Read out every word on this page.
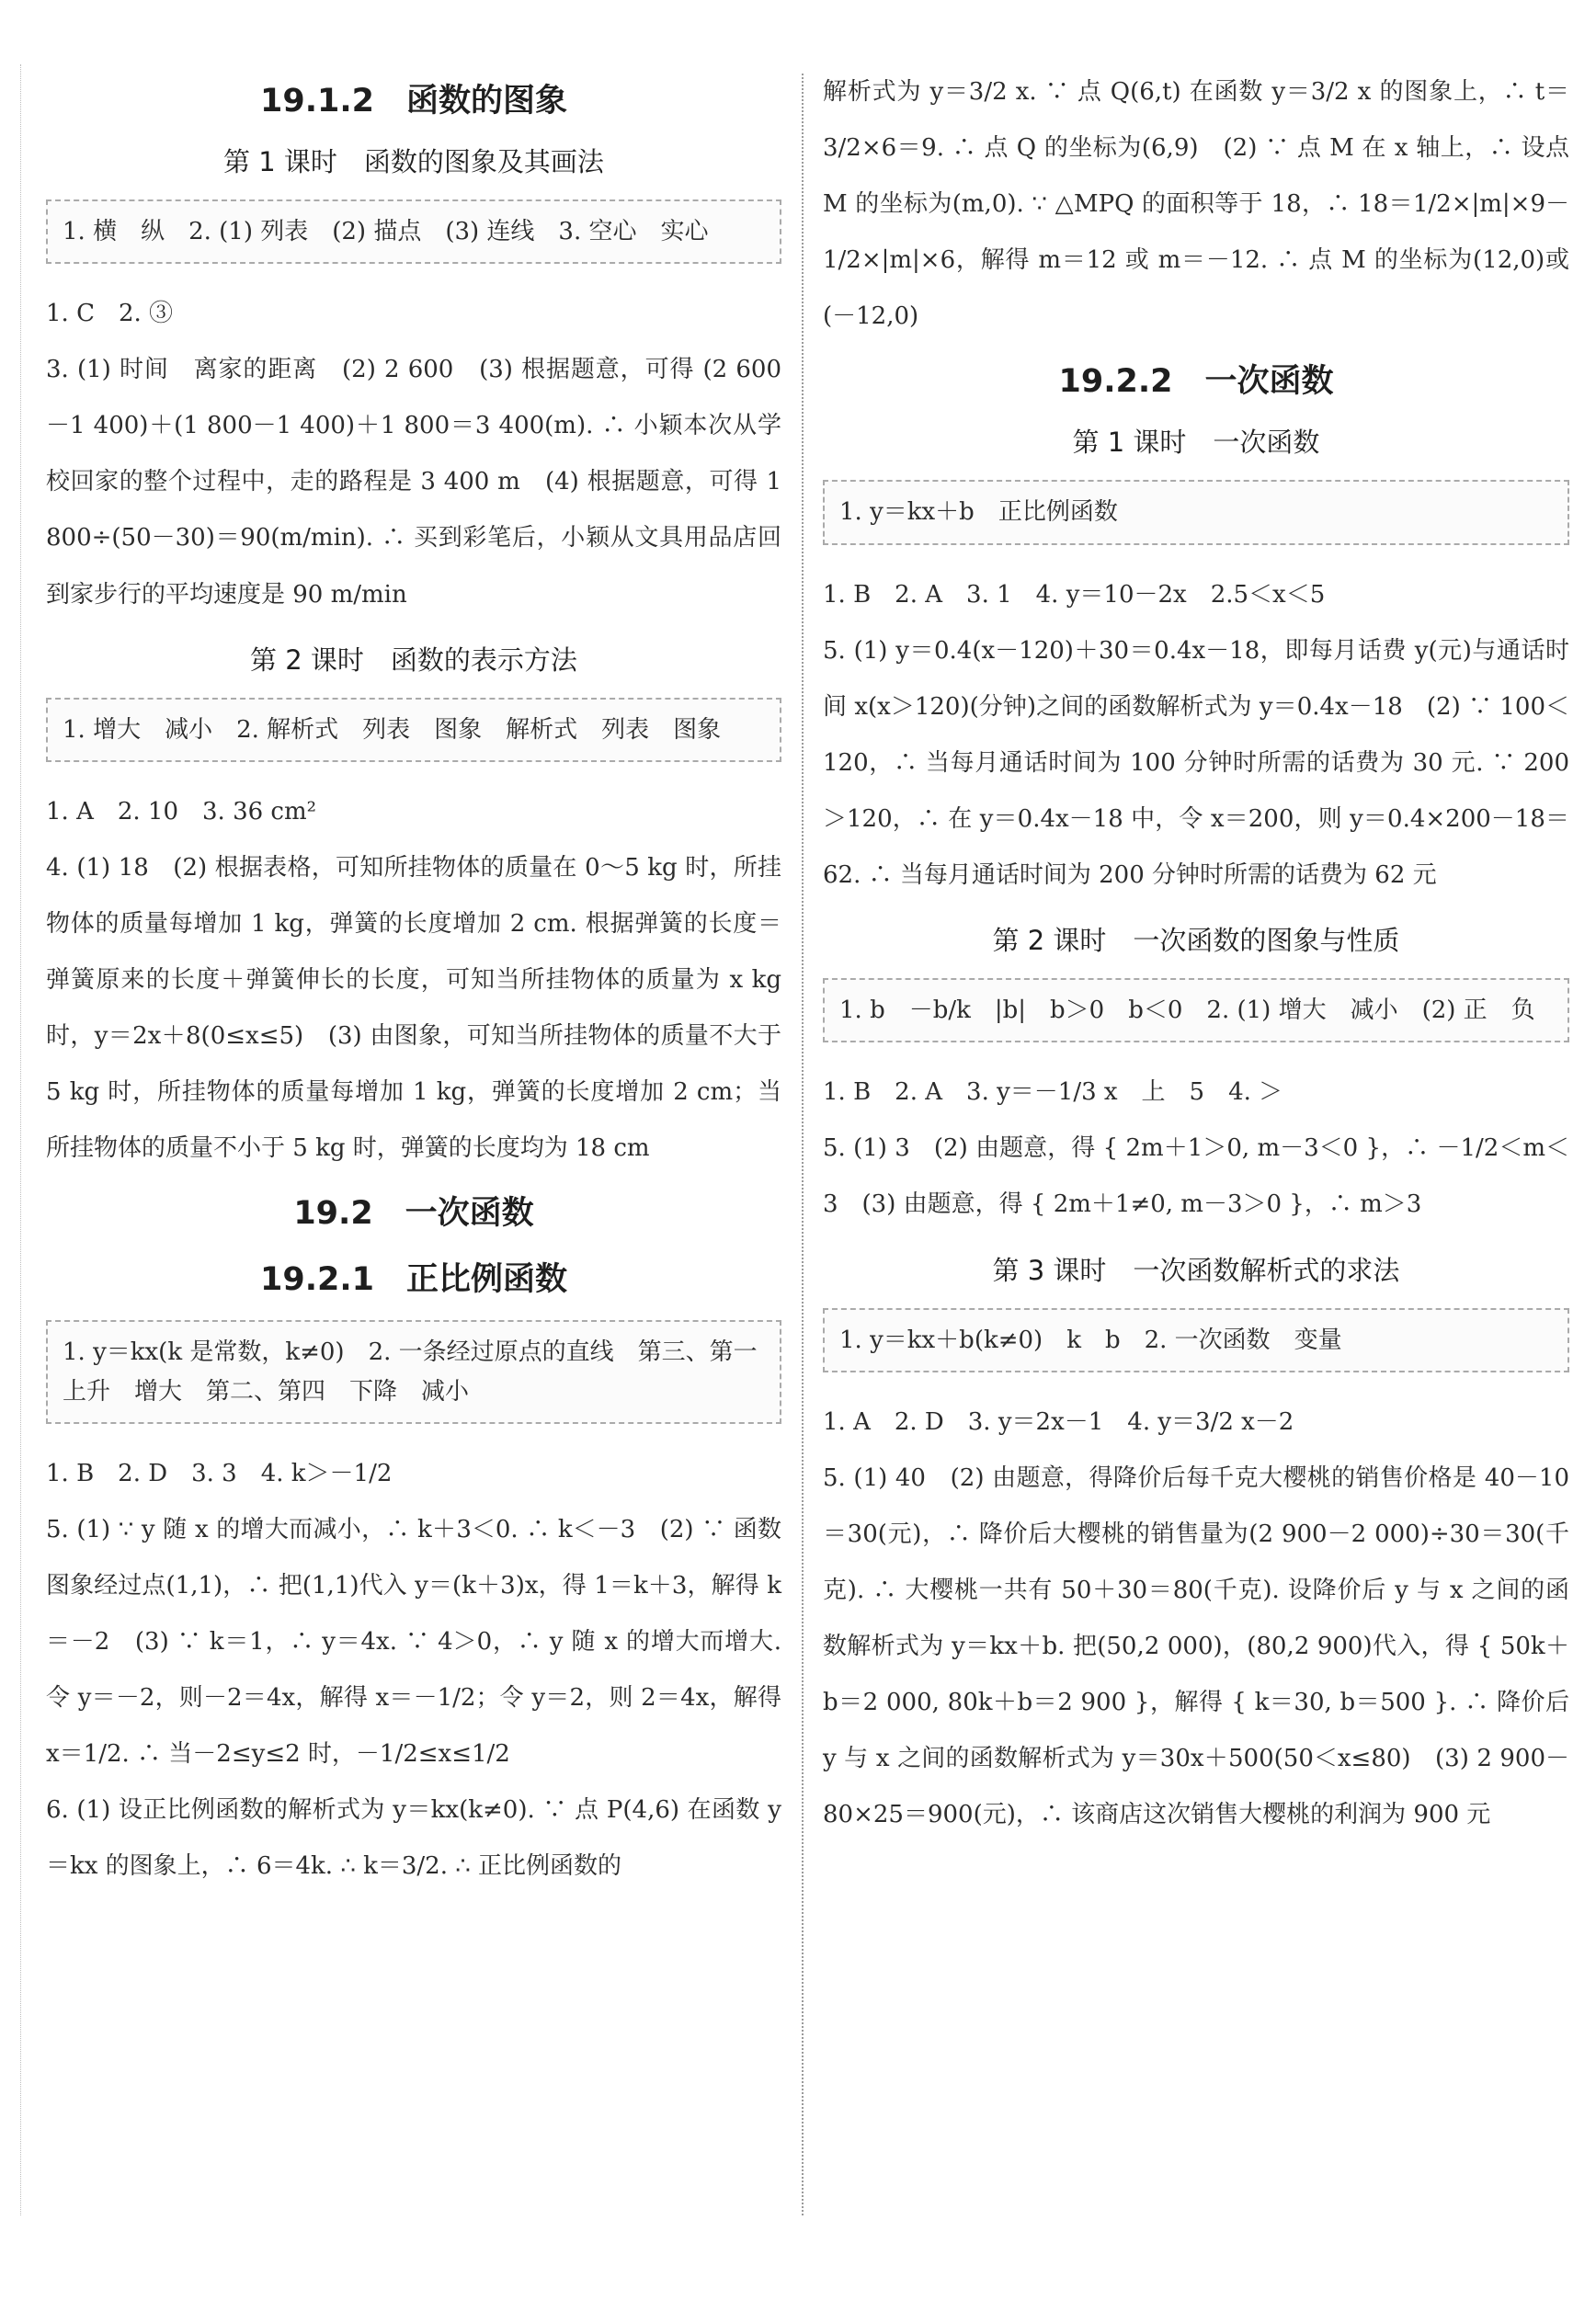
19.1.2　函数的图象
第 1 课时　函数的图象及其画法
1. 横　纵　2. (1) 列表　(2) 描点　(3) 连线　3. 空心　实心

1. C　2. ③

3. (1) 时间　离家的距离　(2) 2 600　(3) 根据题意，可得 (2 600－1 400)＋(1 800－1 400)＋1 800＝3 400(m). ∴ 小颖本次从学校回家的整个过程中，走的路程是 3 400 m　(4) 根据题意，可得 1 800÷(50－30)＝90(m/min). ∴ 买到彩笔后，小颖从文具用品店回到家步行的平均速度是 90 m/min

第 2 课时　函数的表示方法
1. 增大　减小　2. 解析式　列表　图象　解析式　列表　图象

1. A　2. 10　3. 36 cm²

4. (1) 18　(2) 根据表格，可知所挂物体的质量在 0～5 kg 时，所挂物体的质量每增加 1 kg，弹簧的长度增加 2 cm. 根据弹簧的长度＝弹簧原来的长度＋弹簧伸长的长度，可知当所挂物体的质量为 x kg 时，y＝2x＋8(0≤x≤5)　(3) 由图象，可知当所挂物体的质量不大于 5 kg 时，所挂物体的质量每增加 1 kg，弹簧的长度增加 2 cm；当所挂物体的质量不小于 5 kg 时，弹簧的长度均为 18 cm

19.2　一次函数
19.2.1　正比例函数
1. y＝kx(k 是常数，k≠0)　2. 一条经过原点的直线　第三、第一　上升　增大　第二、第四　下降　减小

1. B　2. D　3. 3　4. k＞－1/2

5. (1) ∵ y 随 x 的增大而减小，∴ k＋3＜0. ∴ k＜－3　(2) ∵ 函数图象经过点(1,1)，∴ 把(1,1)代入 y＝(k＋3)x，得 1＝k＋3，解得 k＝－2　(3) ∵ k＝1，∴ y＝4x. ∵ 4＞0，∴ y 随 x 的增大而增大. 令 y＝－2，则－2＝4x，解得 x＝－1/2；令 y＝2，则 2＝4x，解得 x＝1/2. ∴ 当－2≤y≤2 时，－1/2≤x≤1/2

6. (1) 设正比例函数的解析式为 y＝kx(k≠0). ∵ 点 P(4,6) 在函数 y＝kx 的图象上，∴ 6＝4k. ∴ k＝3/2. ∴ 正比例函数的

解析式为 y＝3/2 x. ∵ 点 Q(6,t) 在函数 y＝3/2 x 的图象上，∴ t＝3/2×6＝9. ∴ 点 Q 的坐标为(6,9)　(2) ∵ 点 M 在 x 轴上，∴ 设点 M 的坐标为(m,0). ∵ △MPQ 的面积等于 18，∴ 18＝1/2×|m|×9－1/2×|m|×6，解得 m＝12 或 m＝－12. ∴ 点 M 的坐标为(12,0)或(－12,0)

19.2.2　一次函数
第 1 课时　一次函数
1. y＝kx＋b　正比例函数

1. B　2. A　3. 1　4. y＝10－2x　2.5＜x＜5

5. (1) y＝0.4(x－120)＋30＝0.4x－18，即每月话费 y(元)与通话时间 x(x＞120)(分钟)之间的函数解析式为 y＝0.4x－18　(2) ∵ 100＜120，∴ 当每月通话时间为 100 分钟时所需的话费为 30 元. ∵ 200＞120，∴ 在 y＝0.4x－18 中，令 x＝200，则 y＝0.4×200－18＝62. ∴ 当每月通话时间为 200 分钟时所需的话费为 62 元

第 2 课时　一次函数的图象与性质
1. b　－b/k　|b|　b＞0　b＜0　2. (1) 增大　减小　(2) 正　负

1. B　2. A　3. y＝－1/3 x　上　5　4. ＞

5. (1) 3　(2) 由题意，得 { 2m＋1＞0, m－3＜0 }，∴ －1/2＜m＜3　(3) 由题意，得 { 2m＋1≠0, m－3＞0 }，∴ m＞3

第 3 课时　一次函数解析式的求法
1. y＝kx＋b(k≠0)　k　b　2. 一次函数　变量

1. A　2. D　3. y＝2x－1　4. y＝3/2 x－2

5. (1) 40　(2) 由题意，得降价后每千克大樱桃的销售价格是 40－10＝30(元)，∴ 降价后大樱桃的销售量为(2 900－2 000)÷30＝30(千克). ∴ 大樱桃一共有 50＋30＝80(千克). 设降价后 y 与 x 之间的函数解析式为 y＝kx＋b. 把(50,2 000)，(80,2 900)代入，得 { 50k＋b＝2 000, 80k＋b＝2 900 }，解得 { k＝30, b＝500 }. ∴ 降价后 y 与 x 之间的函数解析式为 y＝30x＋500(50＜x≤80)　(3) 2 900－80×25＝900(元)，∴ 该商店这次销售大樱桃的利润为 900 元
